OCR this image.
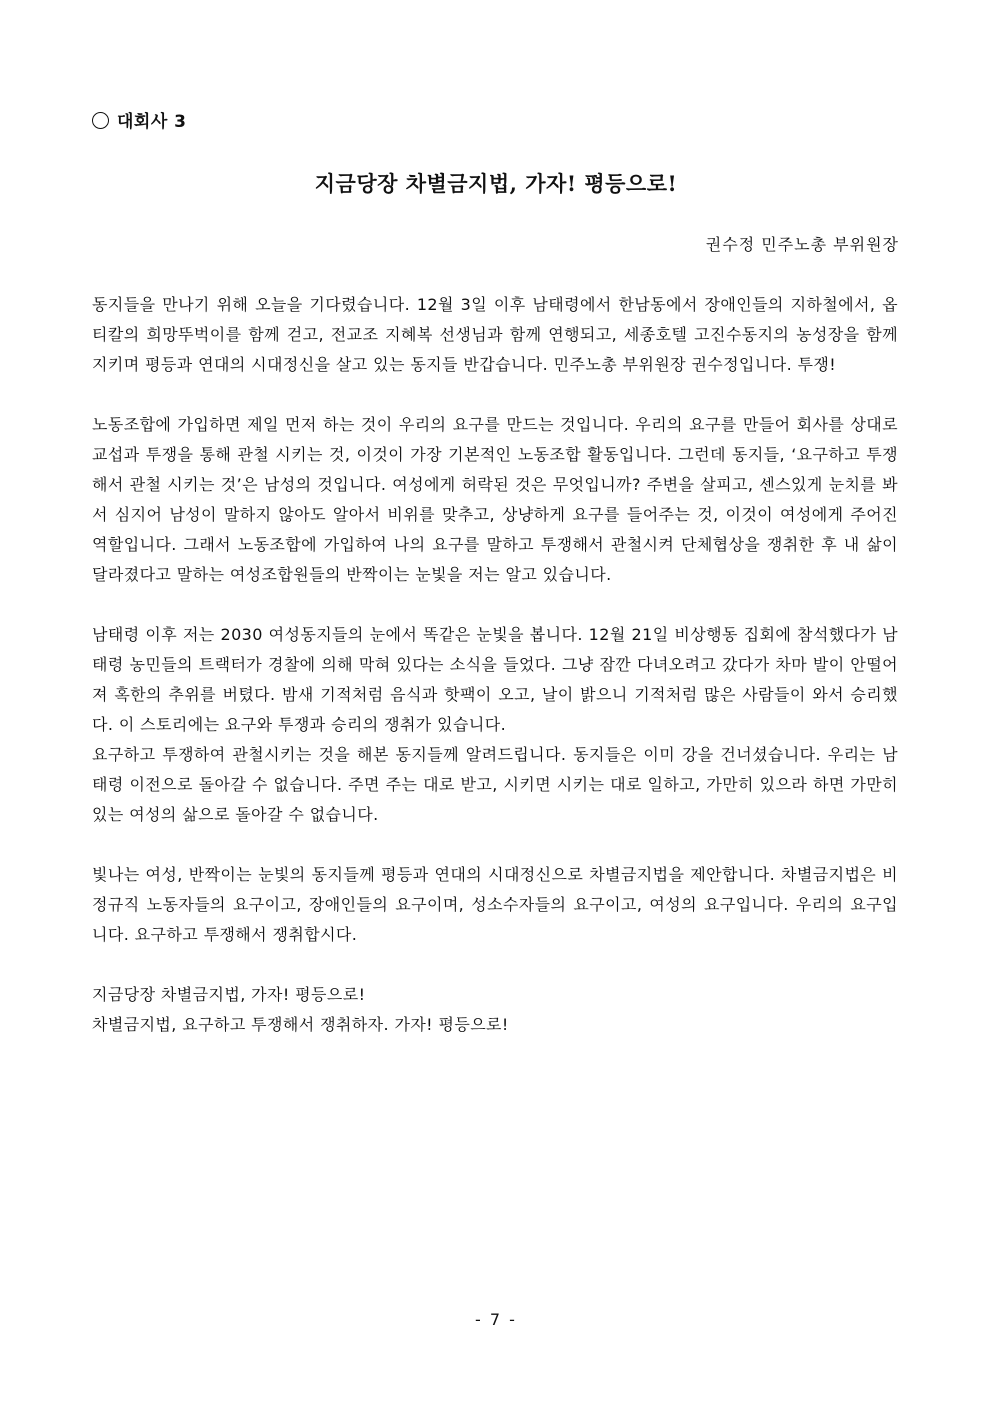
대회사 3
지금당장 차별금지법, 가자! 평등으로!
권수정 민주노총 부위원장

동지들을 만나기 위해 오늘을 기다렸습니다. 12월 3일 이후 남태령에서 한남동에서 장애인들의 지하철에서, 옵티칼의 희망뚜벅이를 함께 걷고, 전교조 지혜복 선생님과 함께 연행되고, 세종호텔 고진수동지의 농성장을 함께 지키며 평등과 연대의 시대정신을 살고 있는 동지들 반갑습니다. 민주노총 부위원장 권수정입니다. 투쟁!

노동조합에 가입하면 제일 먼저 하는 것이 우리의 요구를 만드는 것입니다. 우리의 요구를 만들어 회사를 상대로 교섭과 투쟁을 통해 관철 시키는 것, 이것이 가장 기본적인 노동조합 활동입니다. 그런데 동지들, ‘요구하고 투쟁 해서 관철 시키는 것’은 남성의 것입니다. 여성에게 허락된 것은 무엇입니까? 주변을 살피고, 센스있게 눈치를 봐서 심지어 남성이 말하지 않아도 알아서 비위를 맞추고, 상냥하게 요구를 들어주는 것, 이것이 여성에게 주어진 역할입니다. 그래서 노동조합에 가입하여 나의 요구를 말하고 투쟁해서 관철시켜 단체협상을 쟁취한 후 내 삶이 달라졌다고 말하는 여성조합원들의 반짝이는 눈빛을 저는 알고 있습니다.

남태령 이후 저는 2030 여성동지들의 눈에서 똑같은 눈빛을 봅니다. 12월 21일 비상행동 집회에 참석했다가 남태령 농민들의 트랙터가 경찰에 의해 막혀 있다는 소식을 들었다. 그냥 잠깐 다녀오려고 갔다가 차마 발이 안떨어져 혹한의 추위를 버텼다. 밤새 기적처럼 음식과 핫팩이 오고, 날이 밝으니 기적처럼 많은 사람들이 와서 승리했다. 이 스토리에는 요구와 투쟁과 승리의 쟁취가 있습니다.

요구하고 투쟁하여 관철시키는 것을 해본 동지들께 알려드립니다. 동지들은 이미 강을 건너셨습니다. 우리는 남태령 이전으로 돌아갈 수 없습니다. 주면 주는 대로 받고, 시키면 시키는 대로 일하고, 가만히 있으라 하면 가만히 있는 여성의 삶으로 돌아갈 수 없습니다.

빛나는 여성, 반짝이는 눈빛의 동지들께 평등과 연대의 시대정신으로 차별금지법을 제안합니다. 차별금지법은 비정규직 노동자들의 요구이고, 장애인들의 요구이며, 성소수자들의 요구이고, 여성의 요구입니다. 우리의 요구입니다. 요구하고 투쟁해서 쟁취합시다.

지금당장 차별금지법, 가자! 평등으로!

차별금지법, 요구하고 투쟁해서 쟁취하자. 가자! 평등으로!

- 7 -
